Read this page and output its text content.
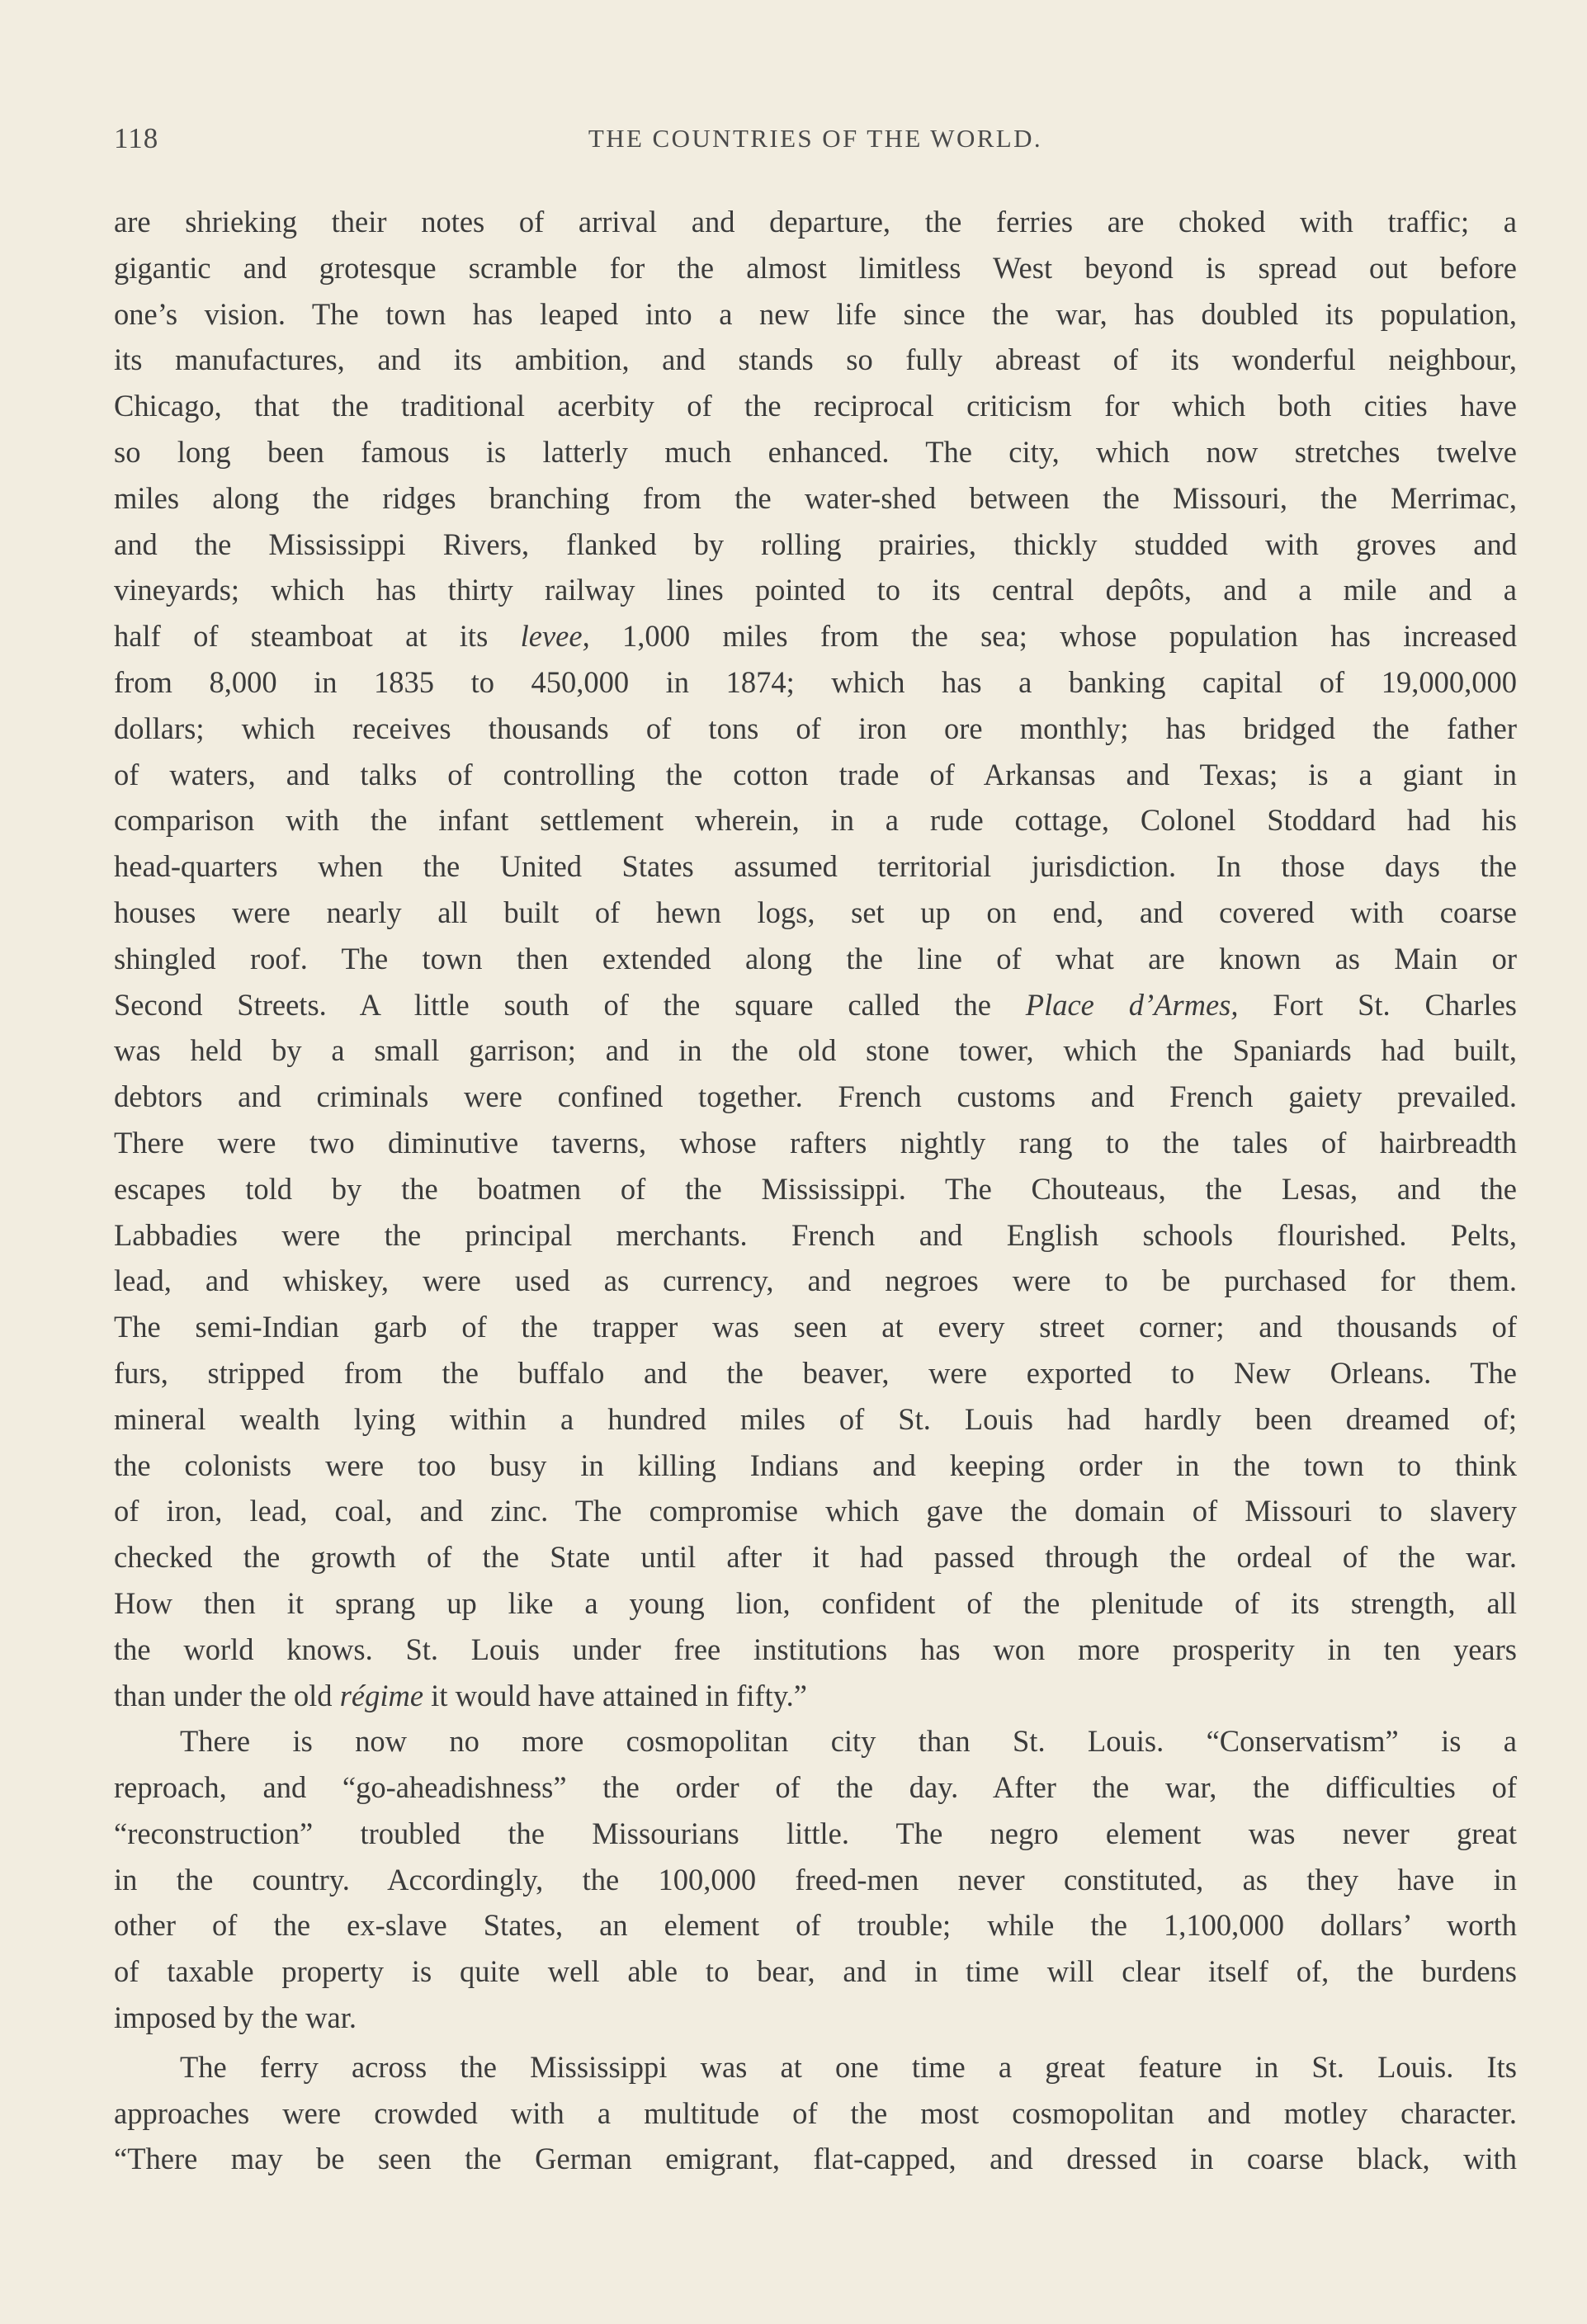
118	THE COUNTRIES OF THE WORLD.

are shrieking their notes of arrival and departure, the ferries are choked with traffic; a
gigantic and grotesque scramble for the almost limitless West beyond is spread out before
one’s vision. The town has leaped into a new life since the war, has doubled its population,
its manufactures, and its ambition, and stands so fully abreast of its wonderful neighbour,
Chicago, that the traditional acerbity of the reciprocal criticism for which both cities have
so long been famous is latterly much enhanced. The city, which now stretches twelve
miles along the ridges branching from the water-shed between the Missouri, the Merrimac,
and the Mississippi Rivers, flanked by rolling prairies, thickly studded with groves and
vineyards; which has thirty railway lines pointed to its central depôts, and a mile and a
half of steamboat at its levee, 1,000 miles from the sea; whose population has increased
from 8,000 in 1835 to 450,000 in 1874; which has a banking capital of 19,000,000
dollars; which receives thousands of tons of iron ore monthly; has bridged the father
of waters, and talks of controlling the cotton trade of Arkansas and Texas; is a giant in
comparison with the infant settlement wherein, in a rude cottage, Colonel Stoddard had his
head-quarters when the United States assumed territorial jurisdiction. In those days the
houses were nearly all built of hewn logs, set up on end, and covered with coarse
shingled roof. The town then extended along the line of what are known as Main or
Second Streets. A little south of the square called the Place d’Armes, Fort St. Charles
was held by a small garrison; and in the old stone tower, which the Spaniards had built,
debtors and criminals were confined together. French customs and French gaiety prevailed.
There were two diminutive taverns, whose rafters nightly rang to the tales of hairbreadth
escapes told by the boatmen of the Mississippi. The Chouteaus, the Lesas, and the
Labbadies were the principal merchants. French and English schools flourished. Pelts,
lead, and whiskey, were used as currency, and negroes were to be purchased for them.
The semi-Indian garb of the trapper was seen at every street corner; and thousands of
furs, stripped from the buffalo and the beaver, were exported to New Orleans. The
mineral wealth lying within a hundred miles of St. Louis had hardly been dreamed of;
the colonists were too busy in killing Indians and keeping order in the town to think
of iron, lead, coal, and zinc. The compromise which gave the domain of Missouri to slavery
checked the growth of the State until after it had passed through the ordeal of the war.
How then it sprang up like a young lion, confident of the plenitude of its strength, all
the world knows. St. Louis under free institutions has won more prosperity in ten years
than under the old régime it would have attained in fifty.”

There is now no more cosmopolitan city than St. Louis. “Conservatism” is a
reproach, and “go-aheadishness” the order of the day. After the war, the difficulties of
“reconstruction” troubled the Missourians little. The negro element was never great
in the country. Accordingly, the 100,000 freed-men never constituted, as they have in
other of the ex-slave States, an element of trouble; while the 1,100,000 dollars’ worth
of taxable property is quite well able to bear, and in time will clear itself of, the burdens
imposed by the war.

The ferry across the Mississippi was at one time a great feature in St. Louis. Its
approaches were crowded with a multitude of the most cosmopolitan and motley character.
“There may be seen the German emigrant, flat-capped, and dressed in coarse black, with
